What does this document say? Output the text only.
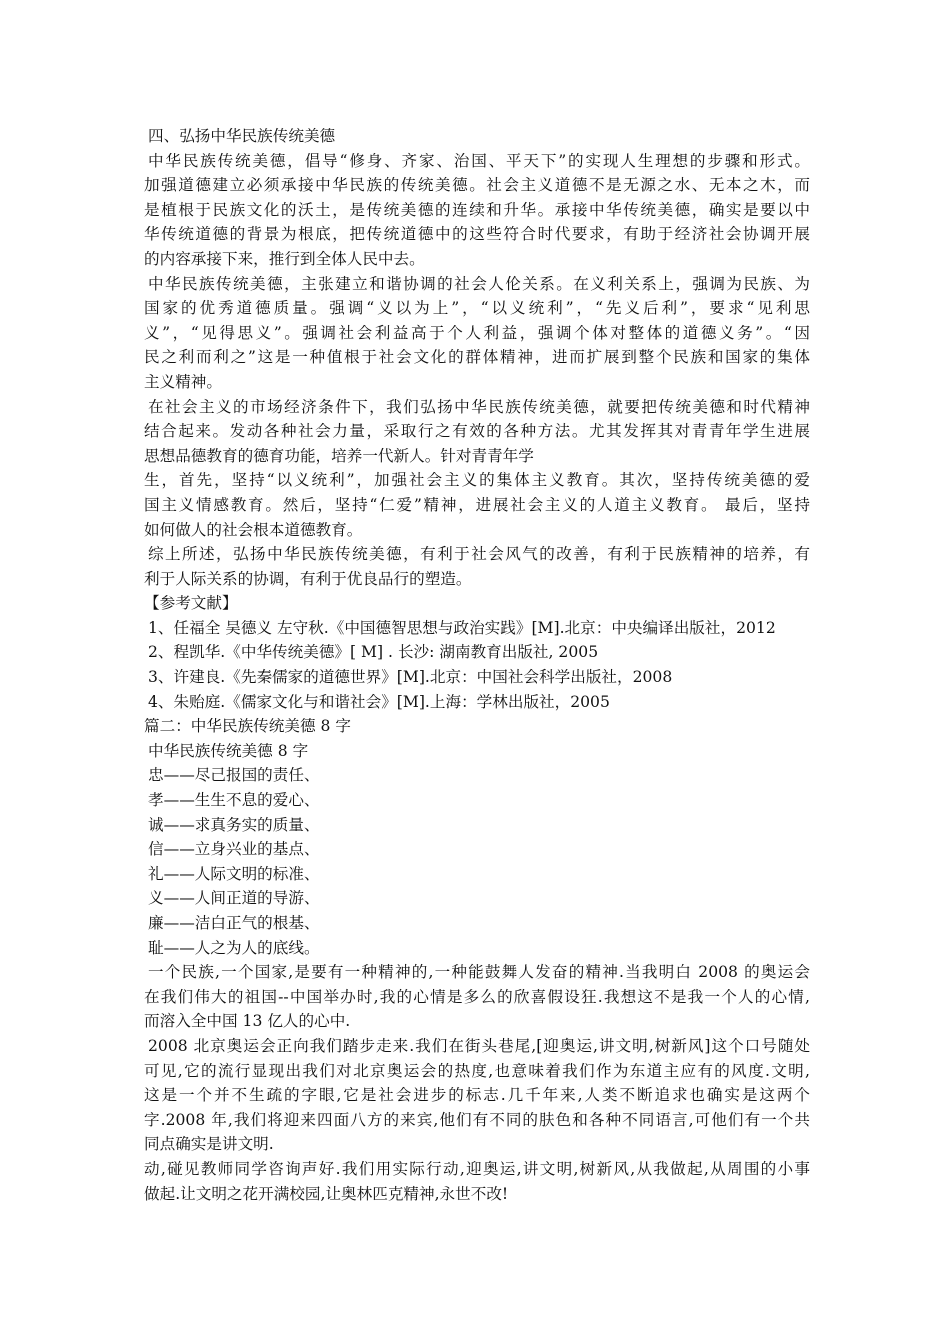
四、弘扬中华民族传统美德
中华民族传统美德，倡导“修身、齐家、治国、平天下”的实现人生理想的步骤和形式。
加强道德建立必须承接中华民族的传统美德。社会主义道德不是无源之水、无本之木，而
是植根于民族文化的沃土，是传统美德的连续和升华。承接中华传统美德，确实是要以中
华传统道德的背景为根底，把传统道德中的这些符合时代要求，有助于经济社会协调开展
的内容承接下来，推行到全体人民中去。
中华民族传统美德，主张建立和谐协调的社会人伦关系。在义利关系上，强调为民族、为
国家的优秀道德质量。强调“义以为上”，“以义统利”，“先义后利”，要求“见利思
义”，“见得思义”。强调社会利益高于个人利益，强调个体对整体的道德义务”。“因
民之利而利之”这是一种值根于社会文化的群体精神，进而扩展到整个民族和国家的集体
主义精神。
在社会主义的市场经济条件下，我们弘扬中华民族传统美德，就要把传统美德和时代精神
结合起来。发动各种社会力量，采取行之有效的各种方法。尤其发挥其对青青年学生进展
思想品德教育的德育功能，培养一代新人。针对青青年学
生，首先，坚持“以义统利”，加强社会主义的集体主义教育。其次，坚持传统美德的爱
国主义情感教育。然后，坚持“仁爱”精神，进展社会主义的人道主义教育。 最后，坚持
如何做人的社会根本道德教育。
综上所述，弘扬中华民族传统美德，有利于社会风气的改善，有利于民族精神的培养，有
利于人际关系的协调，有利于优良品行的塑造。
【参考文献】
1、任福全 吴德义 左守秋.《中国德智思想与政治实践》[M].北京：中央编译出版社，2012
2、程凯华.《中华传统美德》[ M] . 长沙: 湖南教育出版社, 2005
3、许建良.《先秦儒家的道德世界》[M].北京：中国社会科学出版社，2008
4、朱贻庭.《儒家文化与和谐社会》[M].上海：学林出版社，2005
篇二：中华民族传统美德 8 字
中华民族传统美德 8 字
忠——尽己报国的责任、
孝——生生不息的爱心、
诚——求真务实的质量、
信——立身兴业的基点、
礼——人际文明的标准、
义——人间正道的导游、
廉——洁白正气的根基、
耻——人之为人的底线。
一个民族,一个国家,是要有一种精神的,一种能鼓舞人发奋的精神.当我明白 2008 的奥运会
在我们伟大的祖国--中国举办时,我的心情是多么的欣喜假设狂.我想这不是我一个人的心情,
而溶入全中国 13 亿人的心中.
2008 北京奥运会正向我们踏步走来.我们在街头巷尾,[迎奥运,讲文明,树新风]这个口号随处
可见,它的流行显现出我们对北京奥运会的热度,也意味着我们作为东道主应有的风度.文明,
这是一个并不生疏的字眼,它是社会进步的标志.几千年来,人类不断追求也确实是这两个
字.2008 年,我们将迎来四面八方的来宾,他们有不同的肤色和各种不同语言,可他们有一个共
同点确实是讲文明.
动,碰见教师同学咨询声好.我们用实际行动,迎奥运,讲文明,树新风,从我做起,从周围的小事
做起.让文明之花开满校园,让奥林匹克精神,永世不改!
